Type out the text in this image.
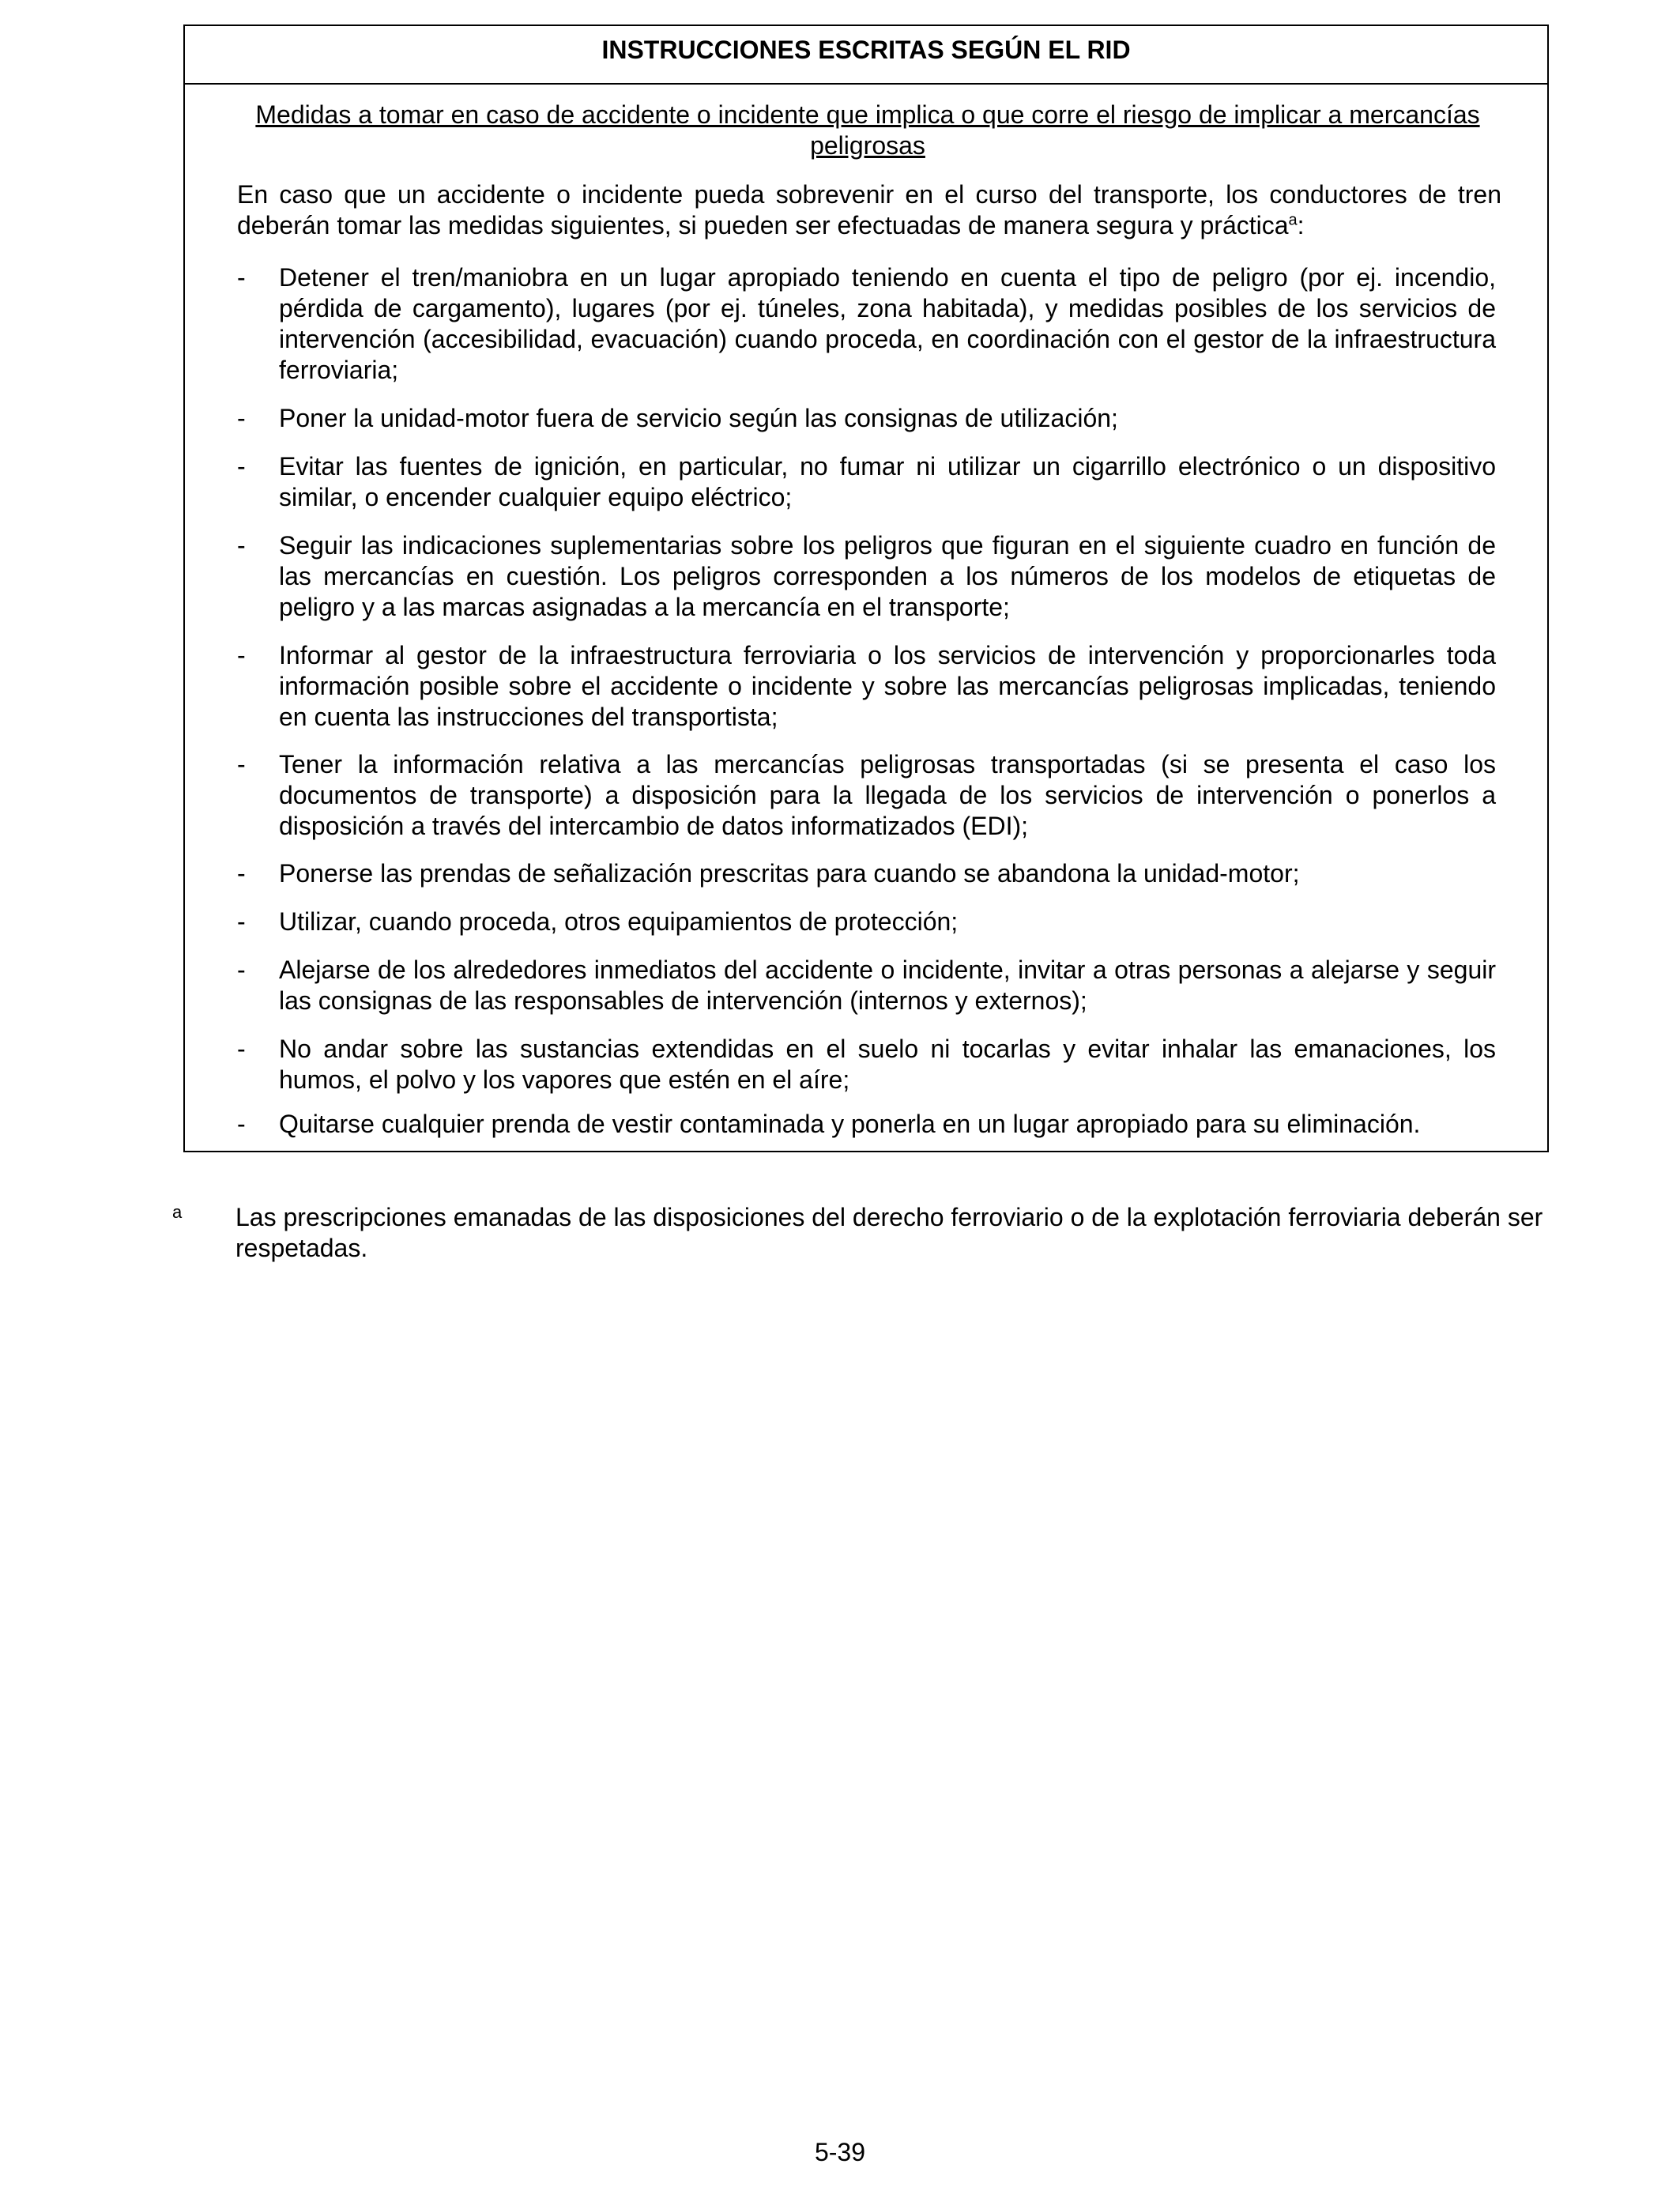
INSTRUCCIONES ESCRITAS SEGÚN EL RID
Medidas a tomar en caso de accidente o incidente que implica o que corre el riesgo de implicar a mercancías peligrosas
En caso que un accidente o incidente pueda sobrevenir en el curso del transporte, los conductores de tren deberán tomar las medidas siguientes, si pueden ser efectuadas de manera segura y práctica$^a$:
-	Detener el tren/maniobra en un lugar apropiado teniendo en cuenta el tipo de peligro (por ej. incendio, pérdida de cargamento), lugares (por ej. túneles, zona habitada), y medidas posibles de los servicios de intervención (accesibilidad, evacuación) cuando proceda, en coordinación con el gestor de la infraestructura ferroviaria;
-	Poner la unidad-motor fuera de servicio según las consignas de utilización;
-	Evitar las fuentes de ignición, en particular, no fumar ni utilizar un cigarrillo electrónico o un dispositivo similar, o encender cualquier equipo eléctrico;
-	Seguir las indicaciones suplementarias sobre los peligros que figuran en el siguiente cuadro en función de las mercancías en cuestión. Los peligros corresponden a los números de los modelos de etiquetas de peligro y a las marcas asignadas a la mercancía en el transporte;
-	Informar al gestor de la infraestructura ferroviaria o los servicios de intervención y proporcionarles toda información posible sobre el accidente o incidente y sobre las mercancías peligrosas implicadas, teniendo en cuenta las instrucciones del transportista;
-	Tener la información relativa a las mercancías peligrosas transportadas (si se presenta el caso los documentos de transporte) a disposición para la llegada de los servicios de intervención o ponerlos a disposición a través del intercambio de datos informatizados (EDI);
-	Ponerse las prendas de señalización prescritas para cuando se abandona la unidad-motor;
-	Utilizar, cuando proceda, otros equipamientos de protección;
-	Alejarse de los alrededores inmediatos del accidente o incidente, invitar a otras personas a alejarse y seguir las consignas de las responsables de intervención (internos y externos);
-	No andar sobre las sustancias extendidas en el suelo ni tocarlas y evitar inhalar las emanaciones, los humos, el polvo y los vapores que estén en el aíre;
-	Quitarse cualquier prenda de vestir contaminada y ponerla en un lugar apropiado para su eliminación.
a Las prescripciones emanadas de las disposiciones del derecho ferroviario o de la explotación ferroviaria deberán ser respetadas.
5-39
